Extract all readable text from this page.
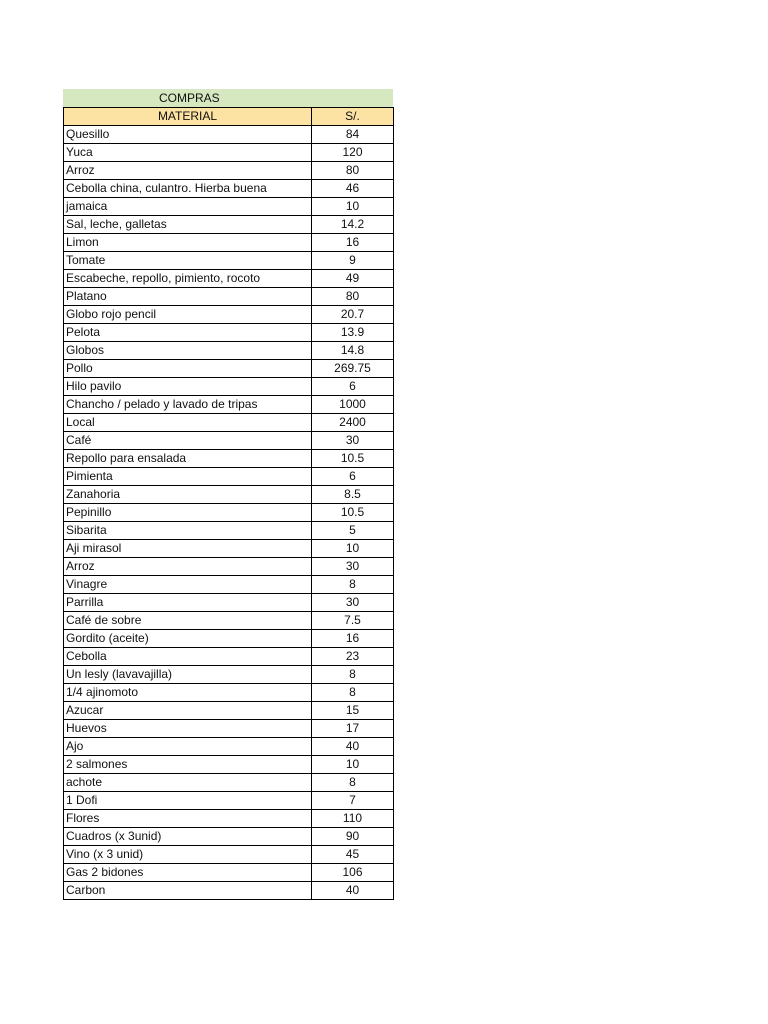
COMPRAS
MATERIAL	S/.
Quesillo	84
Yuca	120
Arroz	80
Cebolla china, culantro. Hierba buena	46
jamaica	10
Sal, leche, galletas	14.2
Limon	16
Tomate	9
Escabeche, repollo, pimiento, rocoto	49
Platano	80
Globo rojo pencil	20.7
Pelota	13.9
Globos	14.8
Pollo	269.75
Hilo pavilo	6
Chancho / pelado y lavado de tripas	1000
Local	2400
Café	30
Repollo para ensalada	10.5
Pimienta	6
Zanahoria	8.5
Pepinillo	10.5
Sibarita	5
Aji mirasol	10
Arroz	30
Vinagre	8
Parrilla	30
Café de sobre	7.5
Gordito (aceite)	16
Cebolla	23
Un lesly (lavavajilla)	8
1/4 ajinomoto	8
Azucar	15
Huevos	17
Ajo	40
2 salmones	10
achote	8
1 Dofi	7
Flores	110
Cuadros (x 3unid)	90
Vino (x 3 unid)	45
Gas 2 bidones	106
Carbon	40
